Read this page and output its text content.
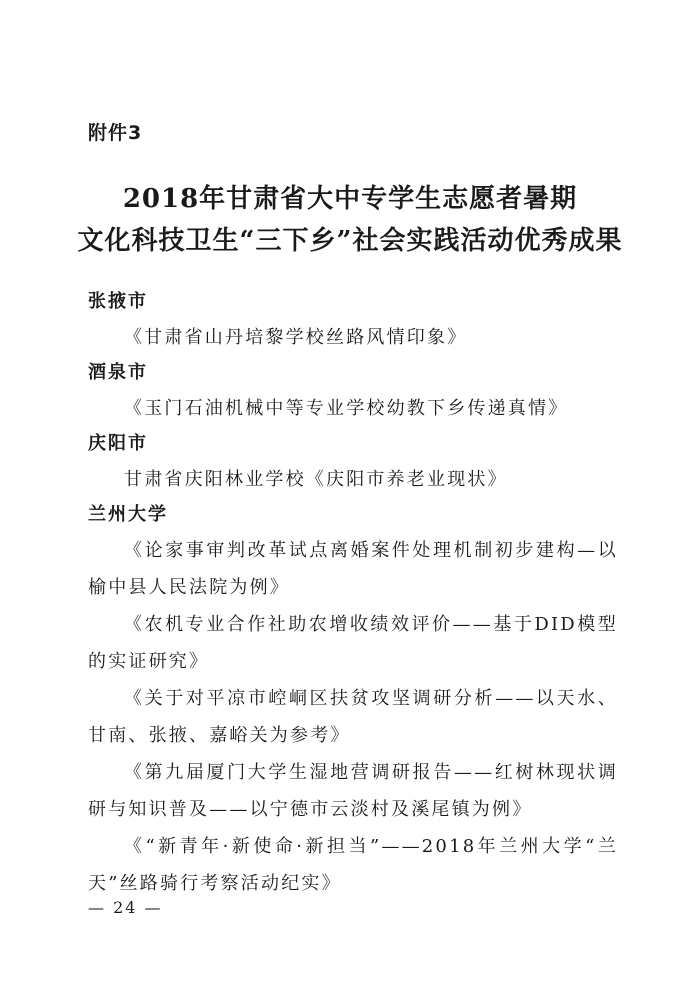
附件3
2018年甘肃省大中专学生志愿者暑期
文化科技卫生“三下乡”社会实践活动优秀成果
张掖市
《甘肃省山丹培黎学校丝路风情印象》
酒泉市
《玉门石油机械中等专业学校幼教下乡传递真情》
庆阳市
甘肃省庆阳林业学校《庆阳市养老业现状》
兰州大学
《论家事审判改革试点离婚案件处理机制初步建构—以榆中县人民法院为例》
《农机专业合作社助农增收绩效评价——基于DID模型的实证研究》
《关于对平凉市崆峒区扶贫攻坚调研分析——以天水、甘南、张掖、嘉峪关为参考》
《第九届厦门大学生湿地营调研报告——红树林现状调研与知识普及——以宁德市云淡村及溪尾镇为例》
《“新青年·新使命·新担当”——2018年兰州大学“兰天”丝路骑行考察活动纪实》
— 24 —
